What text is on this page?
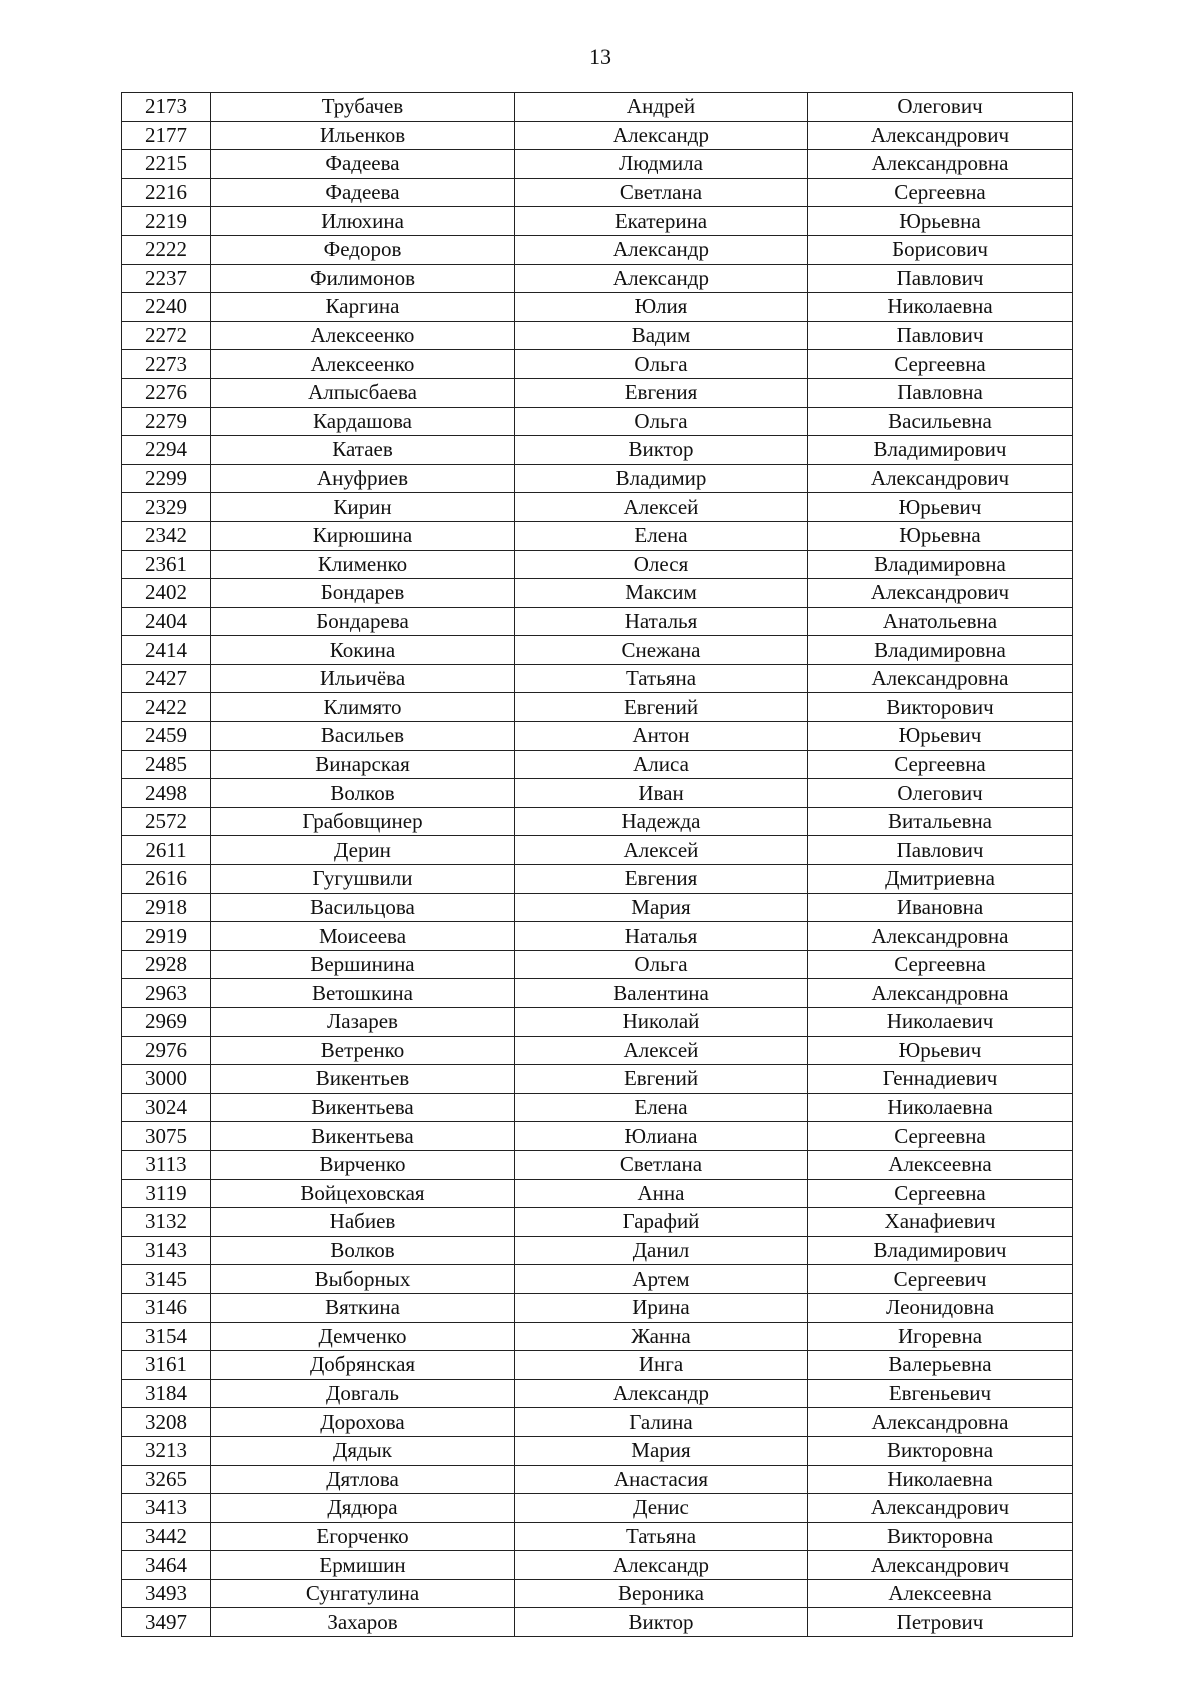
13
2173	Трубачев	Андрей	Олегович
2177	Ильенков	Александр	Александрович
2215	Фадеева	Людмила	Александровна
2216	Фадеева	Светлана	Сергеевна
2219	Илюхина	Екатерина	Юрьевна
2222	Федоров	Александр	Борисович
2237	Филимонов	Александр	Павлович
2240	Каргина	Юлия	Николаевна
2272	Алексеенко	Вадим	Павлович
2273	Алексеенко	Ольга	Сергеевна
2276	Алпысбаева	Евгения	Павловна
2279	Кардашова	Ольга	Васильевна
2294	Катаев	Виктор	Владимирович
2299	Ануфриев	Владимир	Александрович
2329	Кирин	Алексей	Юрьевич
2342	Кирюшина	Елена	Юрьевна
2361	Клименко	Олеся	Владимировна
2402	Бондарев	Максим	Александрович
2404	Бондарева	Наталья	Анатольевна
2414	Кокина	Снежана	Владимировна
2427	Ильичёва	Татьяна	Александровна
2422	Климято	Евгений	Викторович
2459	Васильев	Антон	Юрьевич
2485	Винарская	Алиса	Сергеевна
2498	Волков	Иван	Олегович
2572	Грабовщинер	Надежда	Витальевна
2611	Дерин	Алексей	Павлович
2616	Гугушвили	Евгения	Дмитриевна
2918	Васильцова	Мария	Ивановна
2919	Моисеева	Наталья	Александровна
2928	Вершинина	Ольга	Сергеевна
2963	Ветошкина	Валентина	Александровна
2969	Лазарев	Николай	Николаевич
2976	Ветренко	Алексей	Юрьевич
3000	Викентьев	Евгений	Геннадиевич
3024	Викентьева	Елена	Николаевна
3075	Викентьева	Юлиана	Сергеевна
3113	Вирченко	Светлана	Алексеевна
3119	Войцеховская	Анна	Сергеевна
3132	Набиев	Гарафий	Ханафиевич
3143	Волков	Данил	Владимирович
3145	Выборных	Артем	Сергеевич
3146	Вяткина	Ирина	Леонидовна
3154	Демченко	Жанна	Игоревна
3161	Добрянская	Инга	Валерьевна
3184	Довгаль	Александр	Евгеньевич
3208	Дорохова	Галина	Александровна
3213	Дядык	Мария	Викторовна
3265	Дятлова	Анастасия	Николаевна
3413	Дядюра	Денис	Александрович
3442	Егорченко	Татьяна	Викторовна
3464	Ермишин	Александр	Александрович
3493	Сунгатулина	Вероника	Алексеевна
3497	Захаров	Виктор	Петрович
